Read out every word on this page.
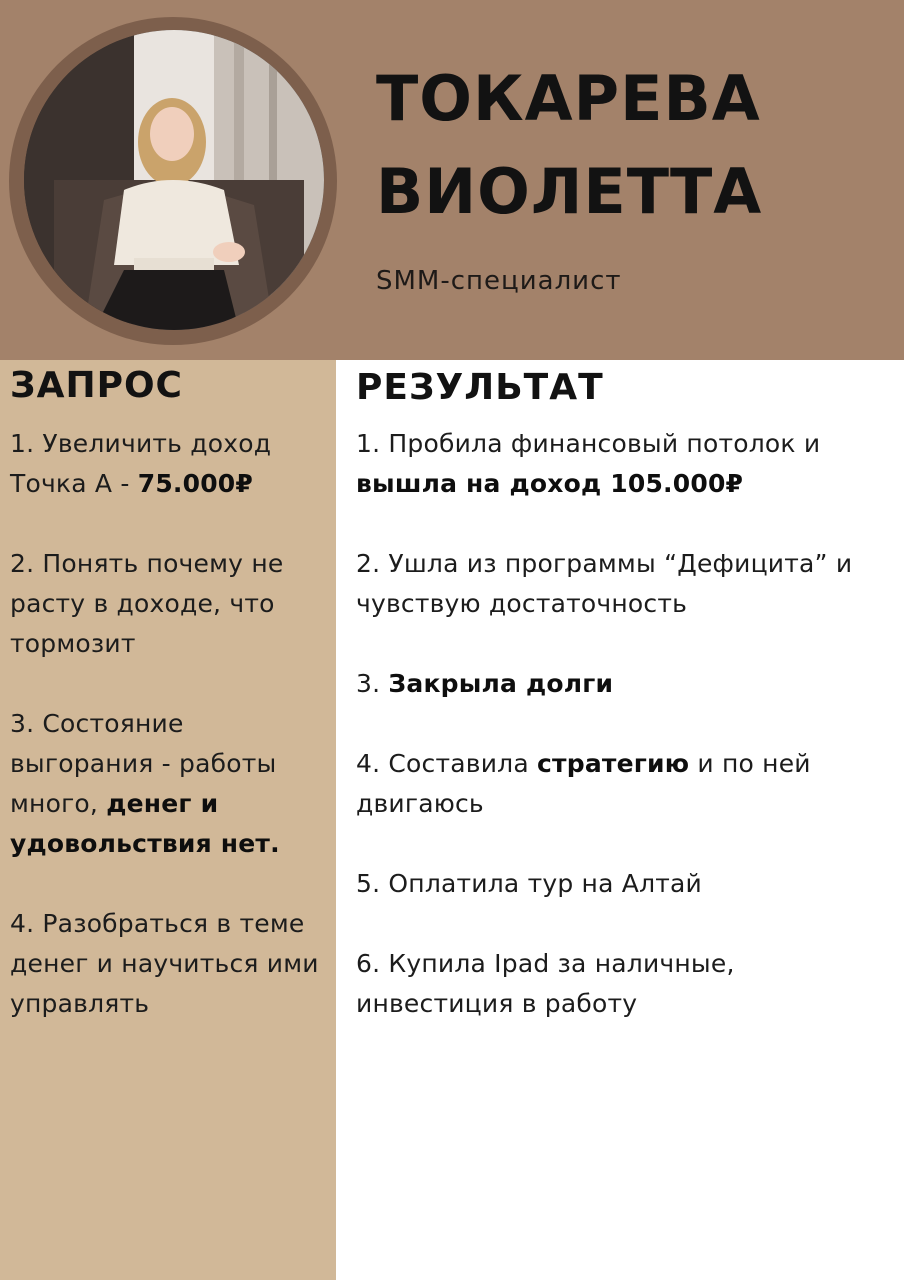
ТОКАРЕВА
ВИОЛЕТТА

SMM-специалист

ЗАПРОС
1. Увеличить доход
Точка А - 75.000₽
2. Понять почему не расту в доходе, что тормозит
3. Состояние выгорания - работы много, денег и удовольствия нет.
4. Разобраться в теме денег и научиться ими управлять
РЕЗУЛЬТАТ
1. Пробила финансовый потолок и вышла на доход 105.000₽
2. Ушла из программы “Дефицита” и чувствую достаточность
3. Закрыла долги
4. Составила стратегию и по ней двигаюсь
5. Оплатила тур на Алтай
6. Купила Ipad за наличные, инвестиция в работу
